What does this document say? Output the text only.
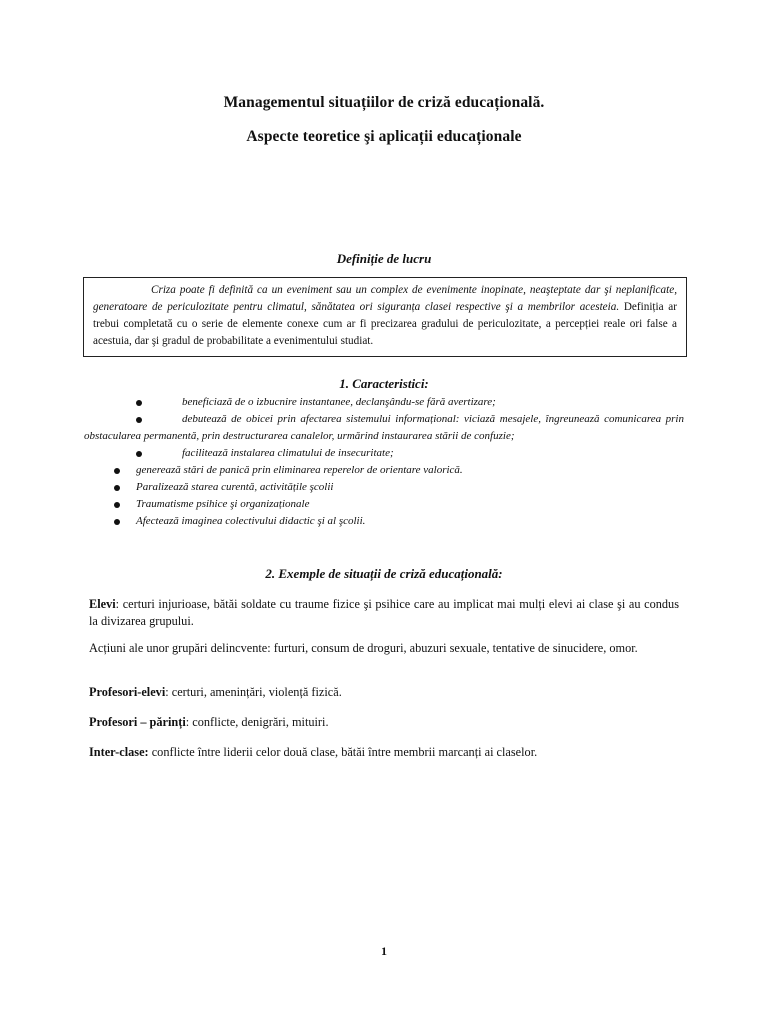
Managementul situațiilor de criză educațională.
Aspecte teoretice şi aplicații educaționale
Definiție de lucru
Criza poate fi definită ca un eveniment sau un complex de evenimente inopinate, neaşteptate dar şi neplanificate, generatoare de periculozitate pentru climatul, sănătatea ori siguranța clasei respective şi a membrilor acesteia. Definiția ar trebui completată cu o serie de elemente conexe cum ar fi precizarea gradului de periculozitate, a percepției reale ori false a acestuia, dar şi gradul de probabilitate a evenimentului studiat.
1. Caracteristici:
beneficiază de o izbucnire instantanee, declanşându-se fără avertizare;
debutează de obicei prin afectarea sistemului informațional: viciază mesajele, îngreunează comunicarea prin obstacularea permanentă, prin destructurarea canalelor, urmărind instaurarea stării de confuzie;
facilitează instalarea climatului de insecuritate;
generează stări de panică prin eliminarea reperelor de orientare valorică.
Paralizează starea curentă, activitățile şcolii
Traumatisme psihice şi organizaționale
Afectează imaginea colectivului didactic şi al şcolii.
2. Exemple de situații de criză educațională:
Elevi: certuri injurioase, bătăi soldate cu traume fizice şi psihice care au implicat mai mulți elevi ai clase şi au condus la divizarea grupului.
Acțiuni ale unor grupări delincvente: furturi, consum de droguri, abuzuri sexuale, tentative de sinucidere, omor.
Profesori-elevi: certuri, amenințări, violență fizică.
Profesori – părinți: conflicte, denigrări, mituiri.
Inter-clase: conflicte între liderii celor două clase, bătăi între membrii marcanți ai claselor.
1
